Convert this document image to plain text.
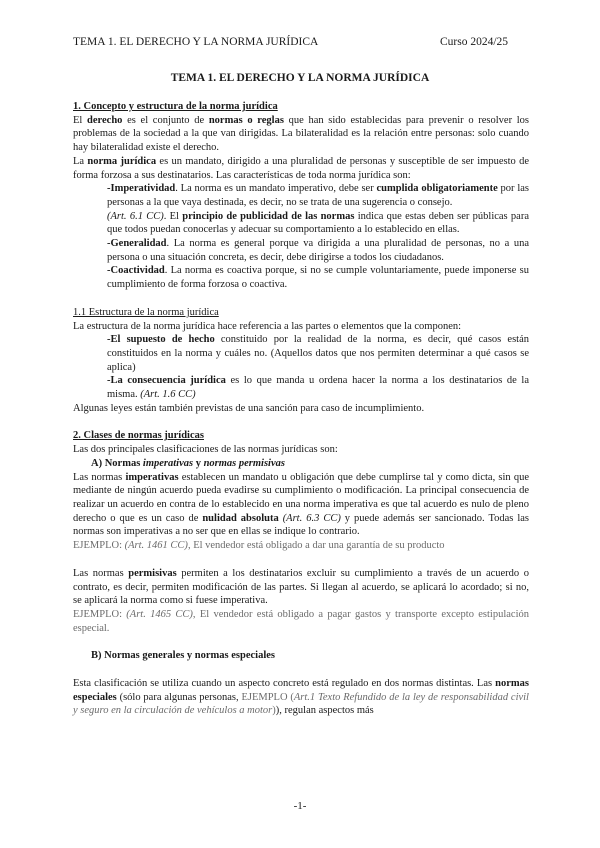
TEMA 1. EL DERECHO Y LA NORMA JURÍDICA	Curso 2024/25
TEMA 1. EL DERECHO Y LA NORMA JURÍDICA

1. Concepto y estructura de la norma jurídica

El derecho es el conjunto de normas o reglas que han sido establecidas para prevenir o resolver los problemas de la sociedad a la que van dirigidas. La bilateralidad es la relación entre personas: solo cuando hay bilateralidad existe el derecho.

La norma jurídica es un mandato, dirigido a una pluralidad de personas y susceptible de ser impuesto de forma forzosa a sus destinatarios. Las características de toda norma jurídica son:

-Imperatividad. La norma es un mandato imperativo, debe ser cumplida obligatoriamente por las personas a la que vaya destinada, es decir, no se trata de una sugerencia o consejo.

(Art. 6.1 CC). El principio de publicidad de las normas indica que estas deben ser públicas para que todos puedan conocerlas y adecuar su comportamiento a lo establecido en ellas.

-Generalidad. La norma es general porque va dirigida a una pluralidad de personas, no a una persona o una situación concreta, es decir, debe dirigirse a todos los ciudadanos.

-Coactividad. La norma es coactiva porque, si no se cumple voluntariamente, puede imponerse su cumplimiento de forma forzosa o coactiva.

1.1 Estructura de la norma jurídica

La estructura de la norma jurídica hace referencia a las partes o elementos que la componen:

-El supuesto de hecho constituido por la realidad de la norma, es decir, qué casos están constituidos en la norma y cuáles no. (Aquellos datos que nos permiten determinar a qué casos se aplica)

-La consecuencia jurídica es lo que manda u ordena hacer la norma a los destinatarios de la misma. (Art. 1.6 CC)

Algunas leyes están también previstas de una sanción para caso de incumplimiento.

2. Clases de normas jurídicas

Las dos principales clasificaciones de las normas jurídicas son:

A) Normas imperativas y normas permisivas

Las normas imperativas establecen un mandato u obligación que debe cumplirse tal y como dicta, sin que mediante de ningún acuerdo pueda evadirse su cumplimiento o modificación. La principal consecuencia de realizar un acuerdo en contra de lo establecido en una norma imperativa es que tal acuerdo es nulo de pleno derecho o que es un caso de nulidad absoluta (Art. 6.3 CC) y puede además ser sancionado. Todas las normas son imperativas a no ser que en ellas se indique lo contrario.

EJEMPLO: (Art. 1461 CC), El vendedor está obligado a dar una garantía de su producto

Las normas permisivas permiten a los destinatarios excluir su cumplimiento a través de un acuerdo o contrato, es decir, permiten modificación de las partes. Si llegan al acuerdo, se aplicará lo acordado; si no, se aplicará la norma como si fuese imperativa.

EJEMPLO: (Art. 1465 CC), El vendedor está obligado a pagar gastos y transporte excepto estipulación especial.

B) Normas generales y normas especiales

Esta clasificación se utiliza cuando un aspecto concreto está regulado en dos normas distintas. Las normas especiales (sólo para algunas personas, EJEMPLO (Art.1 Texto Refundido de la ley de responsabilidad civil y seguro en la circulación de vehículos a motor)), regulan aspectos más

-1-
